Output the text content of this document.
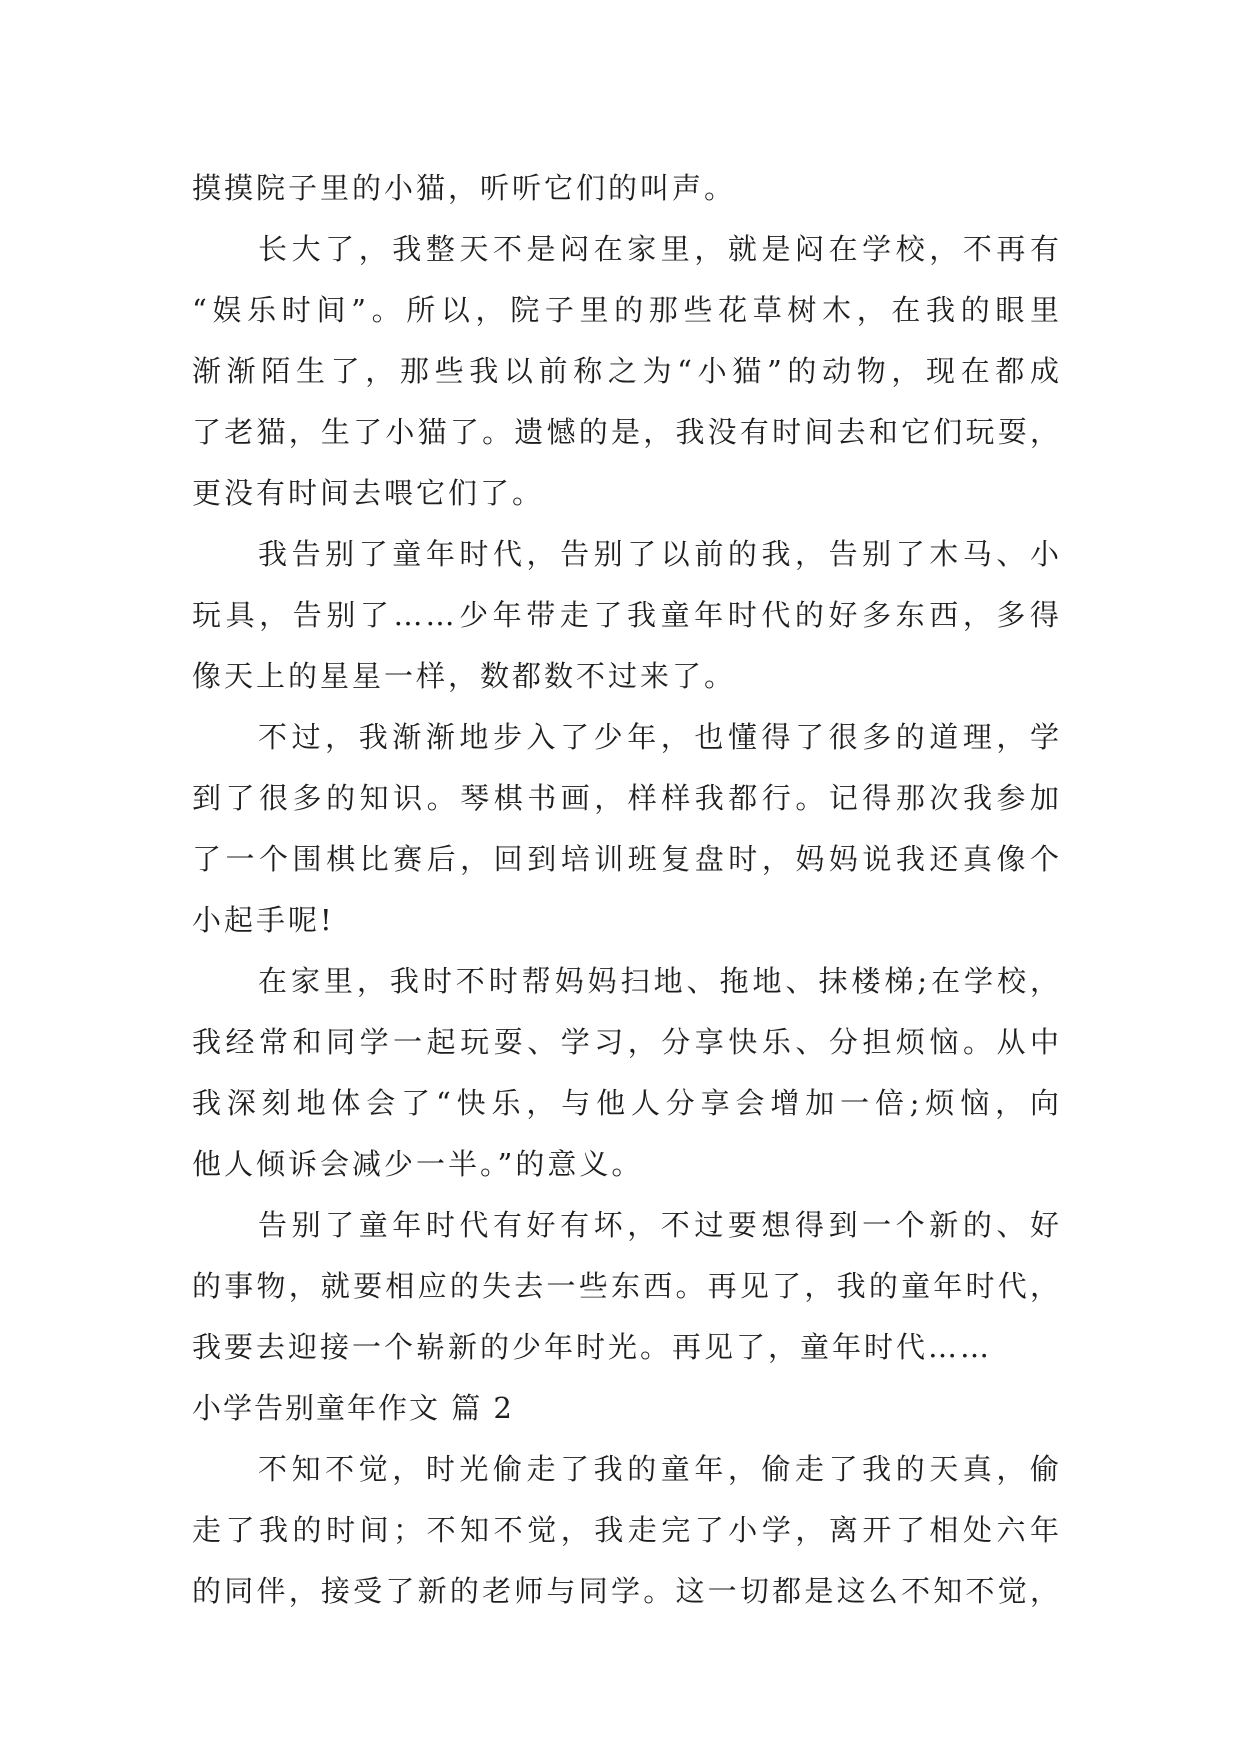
摸摸院子里的小猫，听听它们的叫声。
长大了，我整天不是闷在家里，就是闷在学校，不再有
“娱乐时间”。所以，院子里的那些花草树木，在我的眼里
渐渐陌生了，那些我以前称之为“小猫”的动物，现在都成
了老猫，生了小猫了。遗憾的是，我没有时间去和它们玩耍，
更没有时间去喂它们了。
我告别了童年时代，告别了以前的我，告别了木马、小
玩具，告别了……少年带走了我童年时代的好多东西，多得
像天上的星星一样，数都数不过来了。
不过，我渐渐地步入了少年，也懂得了很多的道理，学
到了很多的知识。琴棋书画，样样我都行。记得那次我参加
了一个围棋比赛后，回到培训班复盘时，妈妈说我还真像个
小起手呢!
在家里，我时不时帮妈妈扫地、拖地、抹楼梯;在学校，
我经常和同学一起玩耍、学习，分享快乐、分担烦恼。从中
我深刻地体会了“快乐，与他人分享会增加一倍;烦恼，向
他人倾诉会减少一半。”的意义。
告别了童年时代有好有坏，不过要想得到一个新的、好
的事物，就要相应的失去一些东西。再见了，我的童年时代，
我要去迎接一个崭新的少年时光。再见了，童年时代……
小学告别童年作文 篇 2
不知不觉，时光偷走了我的童年，偷走了我的天真，偷
走了我的时间；不知不觉，我走完了小学，离开了相处六年
的同伴，接受了新的老师与同学。这一切都是这么不知不觉，
